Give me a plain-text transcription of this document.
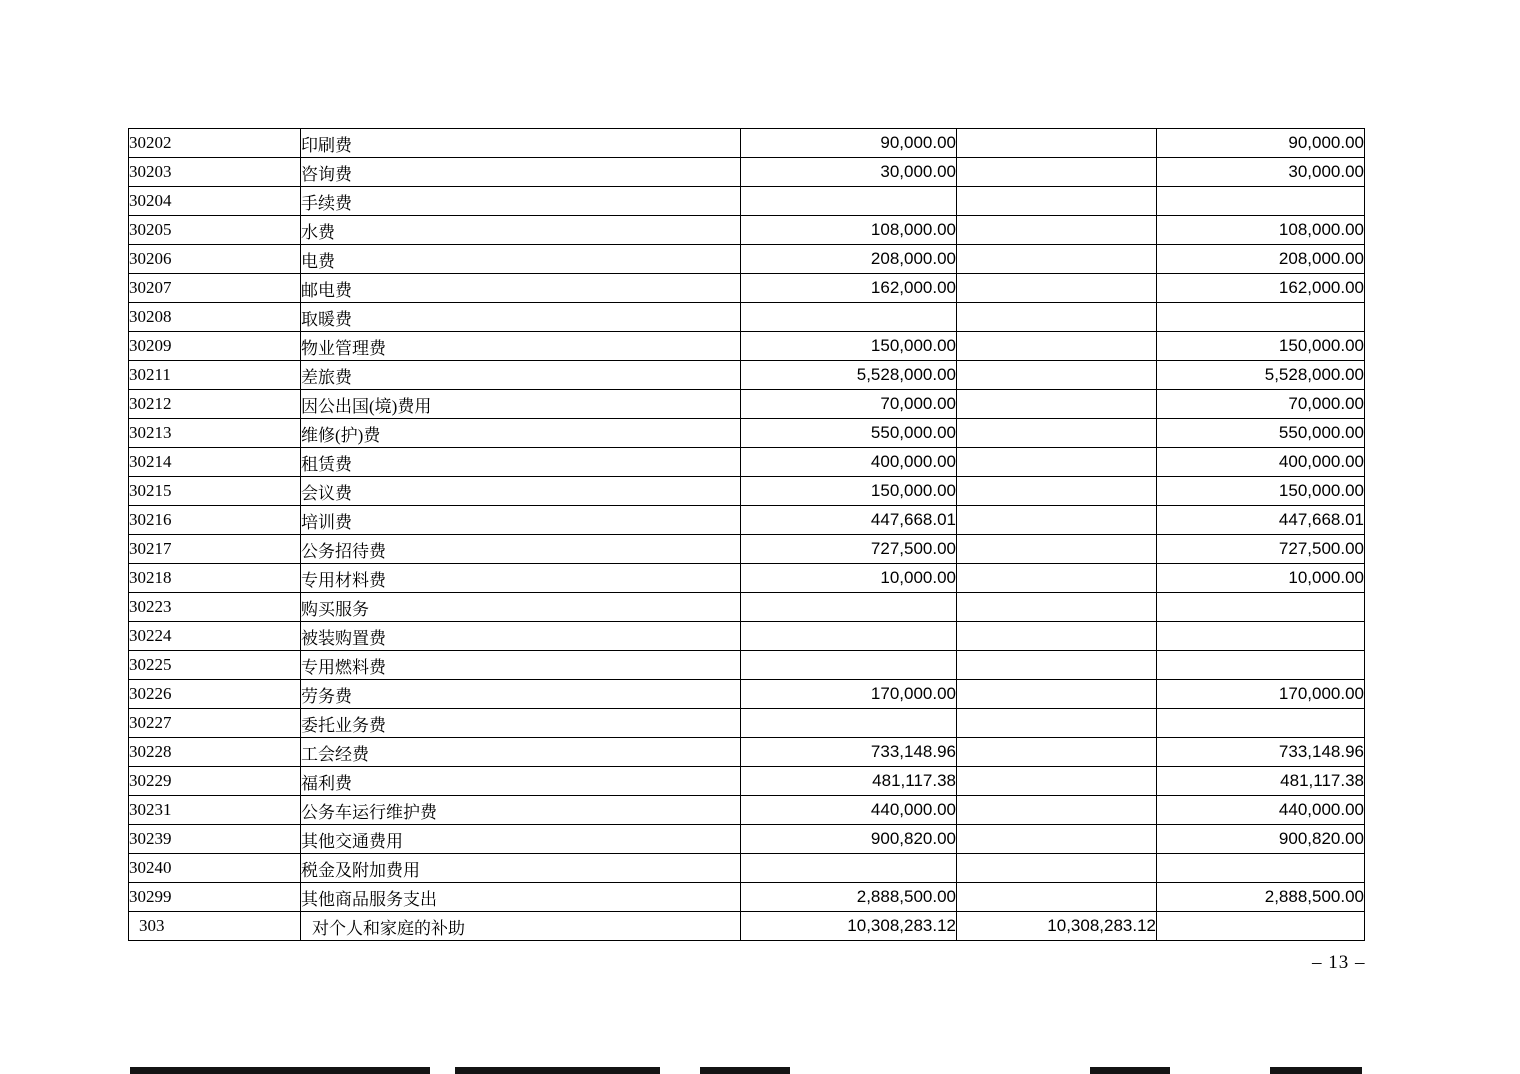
30202	印刷费	90,000.00		90,000.00
30203	咨询费	30,000.00		30,000.00
30204	手续费			
30205	水费	108,000.00		108,000.00
30206	电费	208,000.00		208,000.00
30207	邮电费	162,000.00		162,000.00
30208	取暖费			
30209	物业管理费	150,000.00		150,000.00
30211	差旅费	5,528,000.00		5,528,000.00
30212	因公出国(境)费用	70,000.00		70,000.00
30213	维修(护)费	550,000.00		550,000.00
30214	租赁费	400,000.00		400,000.00
30215	会议费	150,000.00		150,000.00
30216	培训费	447,668.01		447,668.01
30217	公务招待费	727,500.00		727,500.00
30218	专用材料费	10,000.00		10,000.00
30223	购买服务			
30224	被装购置费			
30225	专用燃料费			
30226	劳务费	170,000.00		170,000.00
30227	委托业务费			
30228	工会经费	733,148.96		733,148.96
30229	福利费	481,117.38		481,117.38
30231	公务车运行维护费	440,000.00		440,000.00
30239	其他交通费用	900,820.00		900,820.00
30240	税金及附加费用			
30299	其他商品服务支出	2,888,500.00		2,888,500.00
303	对个人和家庭的补助	10,308,283.12	10,308,283.12	
– 13 –
